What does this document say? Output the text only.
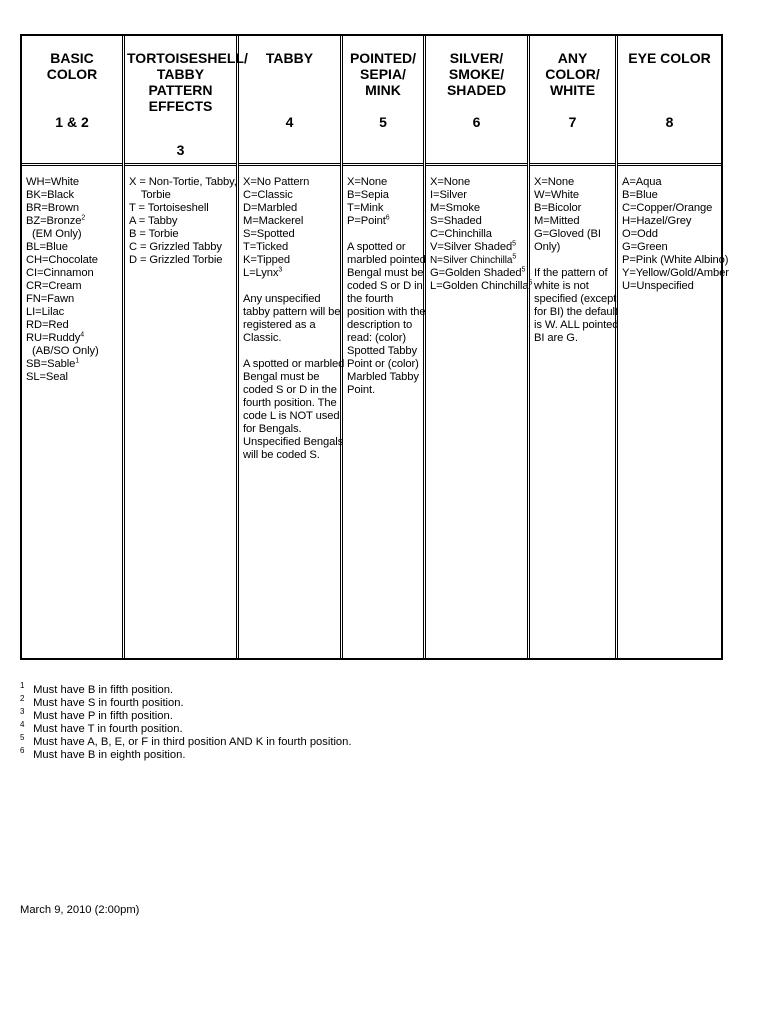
BASIC COLOR
1 & 2
WH=White
BK=Black
BR=Brown
BZ=Bronze$^2$
(EM Only)
BL=Blue
CH=Chocolate
CI=Cinnamon
CR=Cream
FN=Fawn
LI=Lilac
RD=Red
RU=Ruddy$^4$
(AB/SO Only)
SB=Sable$^1$
SL=Seal
TORTOISESHELL/
TABBY PATTERN
EFFECTS
3
X = Non-Tortie, Tabby,
Torbie
T = Tortoiseshell
A = Tabby
B = Torbie
C = Grizzled Tabby
D = Grizzled Torbie
TABBY
4
X=No Pattern
C=Classic
D=Marbled
M=Mackerel
S=Spotted
T=Ticked
K=Tipped
L=Lynx$^3$
Any unspecified
tabby pattern will be
registered as a
Classic.
A spotted or marbled
Bengal must be
coded S or D in the
fourth position. The
code L is NOT used
for Bengals.
Unspecified Bengals
will be coded S.
POINTED/
SEPIA/
MINK
5
X=None
B=Sepia
T=Mink
P=Point$^6$
A spotted or
marbled pointed
Bengal must be
coded S or D in
the fourth
position with the
description to
read: (color)
Spotted Tabby
Point or (color)
Marbled Tabby
Point.
SILVER/
SMOKE/
SHADED
6
X=None
I=Silver
M=Smoke
S=Shaded
C=Chinchilla
V=Silver Shaded$^5$
N=Silver Chinchilla$^5$
G=Golden Shaded$^5$
L=Golden Chinchilla$^5$
ANY
COLOR/
WHITE
7
X=None
W=White
B=Bicolor
M=Mitted
G=Gloved (BI
Only)
If the pattern of
white is not
specified (except
for BI) the default
is W. ALL pointed
BI are G.
EYE COLOR
8
A=Aqua
B=Blue
C=Copper/Orange
H=Hazel/Grey
O=Odd
G=Green
P=Pink (White Albino)
Y=Yellow/Gold/Amber
U=Unspecified
1 Must have B in fifth position.
2 Must have S in fourth position.
3 Must have P in fifth position.
4 Must have T in fourth position.
5 Must have A, B, E, or F in third position AND K in fourth position.
6 Must have B in eighth position.
March 9, 2010 (2:00pm)
